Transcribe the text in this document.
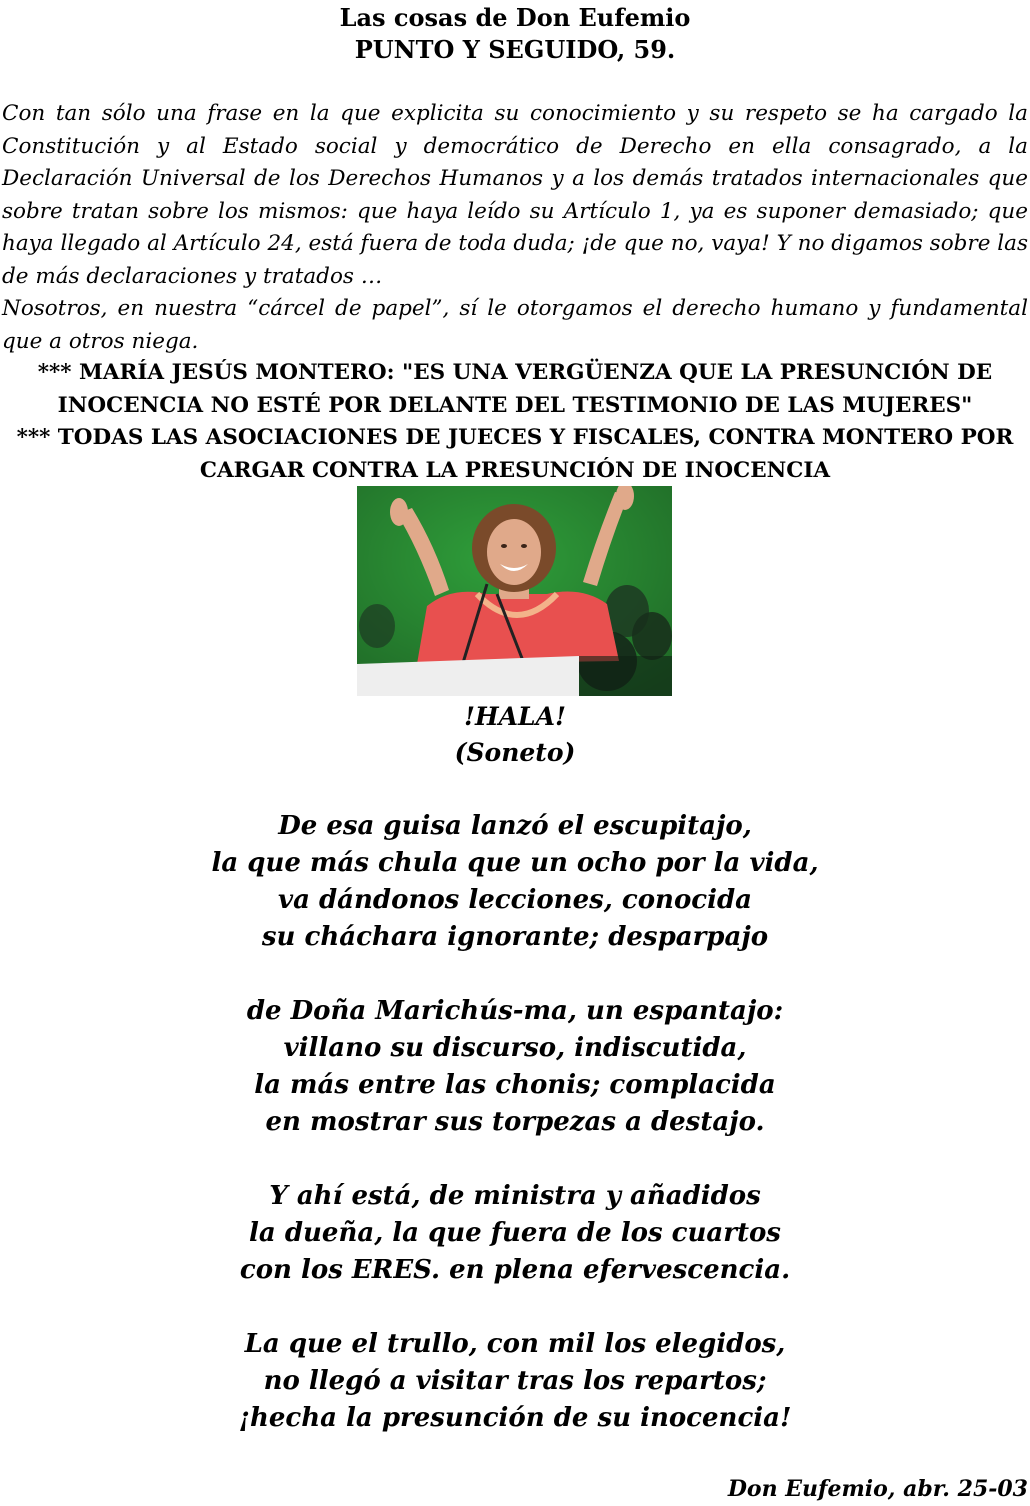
Las cosas de Don Eufemio
PUNTO Y SEGUIDO, 59.

Con tan sólo una frase en la que explicita su conocimiento y su respeto se ha cargado la Constitución y al Estado social y democrático de Derecho en ella consagrado, a la Declaración Universal de los Derechos Humanos y a los demás tratados internacionales que sobre tratan sobre los mismos: que haya leído su Artículo 1, ya es suponer demasiado; que haya llegado al Artículo 24, está fuera de toda duda; ¡de que no, vaya! Y no digamos sobre las de más declaraciones y tratados …

Nosotros, en nuestra “cárcel de papel”, sí le otorgamos el derecho humano y fundamental que a otros niega.

*** MARÍA JESÚS MONTERO: "ES UNA VERGÜENZA QUE LA PRESUNCIÓN DE
INOCENCIA NO ESTÉ POR DELANTE DEL TESTIMONIO DE LAS MUJERES"
*** TODAS LAS ASOCIACIONES DE JUECES Y FISCALES, CONTRA MONTERO POR
CARGAR CONTRA LA PRESUNCIÓN DE INOCENCIA
!HALA!
(Soneto)
De esa guisa lanzó el escupitajo,
la que más chula que un ocho por la vida,
va dándonos lecciones, conocida
su cháchara ignorante; desparpajo
de Doña Marichús-ma, un espantajo:
villano su discurso, indiscutida,
la más entre las chonis; complacida
en mostrar sus torpezas a destajo.
Y ahí está, de ministra y añadidos
la dueña, la que fuera de los cuartos
con los ERES. en plena efervescencia.
La que el trullo, con mil los elegidos,
no llegó a visitar tras los repartos;
¡hecha la presunción de su inocencia!
Don Eufemio, abr. 25-03
